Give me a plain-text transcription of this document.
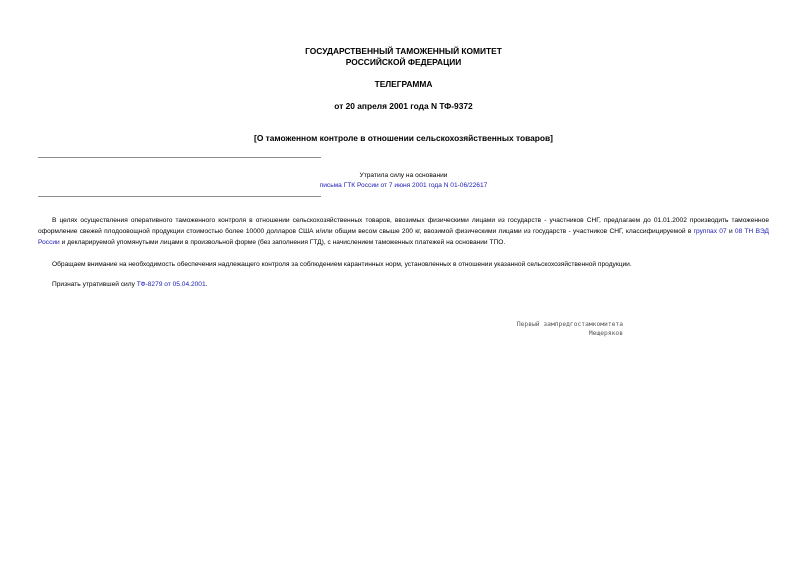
ГОСУДАРСТВЕННЫЙ ТАМОЖЕННЫЙ КОМИТЕТ
РОССИЙСКОЙ ФЕДЕРАЦИИ
ТЕЛЕГРАММА
от 20 апреля 2001 года N ТФ-9372
[О таможенном контроле в отношении сельскохозяйственных товаров]
Утратила силу на основании
письма ГТК России от 7 июня 2001 года N 01-06/22617
В целях осуществления оперативного таможенного контроля в отношении сельскохозяйственных товаров, ввозимых физическими лицами из государств - участников СНГ, предлагаем до 01.01.2002 производить таможенное оформление свежей плодоовощной продукции стоимостью более 10000 долларов США и/или общим весом свыше 200 кг, ввозимой физическими лицами из государств - участников СНГ, классифицируемой в группах 07 и 08 ТН ВЭД России и декларируемой упомянутыми лицами в произвольной форме (без заполнения ГТД), с начислением таможенных платежей на основании ТПО.
Обращаем внимание на необходимость обеспечения надлежащего контроля за соблюдением карантинных норм, установленных в отношении указанной сельскохозяйственной продукции.
Признать утратившей силу ТФ-8279 от 05.04.2001.
Первый зампредгостамкомитета
Мещеряков
